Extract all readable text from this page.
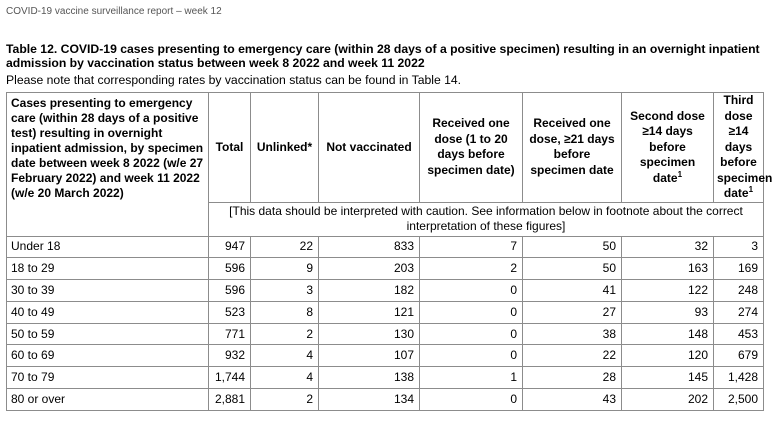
COVID-19 vaccine surveillance report – week 12
Table 12. COVID-19 cases presenting to emergency care (within 28 days of a positive specimen) resulting in an overnight inpatient admission by vaccination status between week 8 2022 and week 11 2022
Please note that corresponding rates by vaccination status can be found in Table 14.
Cases presenting to emergency care (within 28 days of a positive test) resulting in overnight inpatient admission, by specimen date between week 8 2022 (w/e 27 February 2022) and week 11 2022 (w/e 20 March 2022)	Total	Unlinked*	Not vaccinated	Received one dose (1 to 20 days before specimen date)	Received one dose, ≥21 days before specimen date	Second dose ≥14 days before specimen date$^1$	Third dose ≥14 days before specimen date$^1$
	[This data should be interpreted with caution. See information below in footnote about the correct interpretation of these figures]						
Under 18	947	22	833	7	50	32	3
18 to 29	596	9	203	2	50	163	169
30 to 39	596	3	182	0	41	122	248
40 to 49	523	8	121	0	27	93	274
50 to 59	771	2	130	0	38	148	453
60 to 69	932	4	107	0	22	120	679
70 to 79	1,744	4	138	1	28	145	1,428
80 or over	2,881	2	134	0	43	202	2,500
